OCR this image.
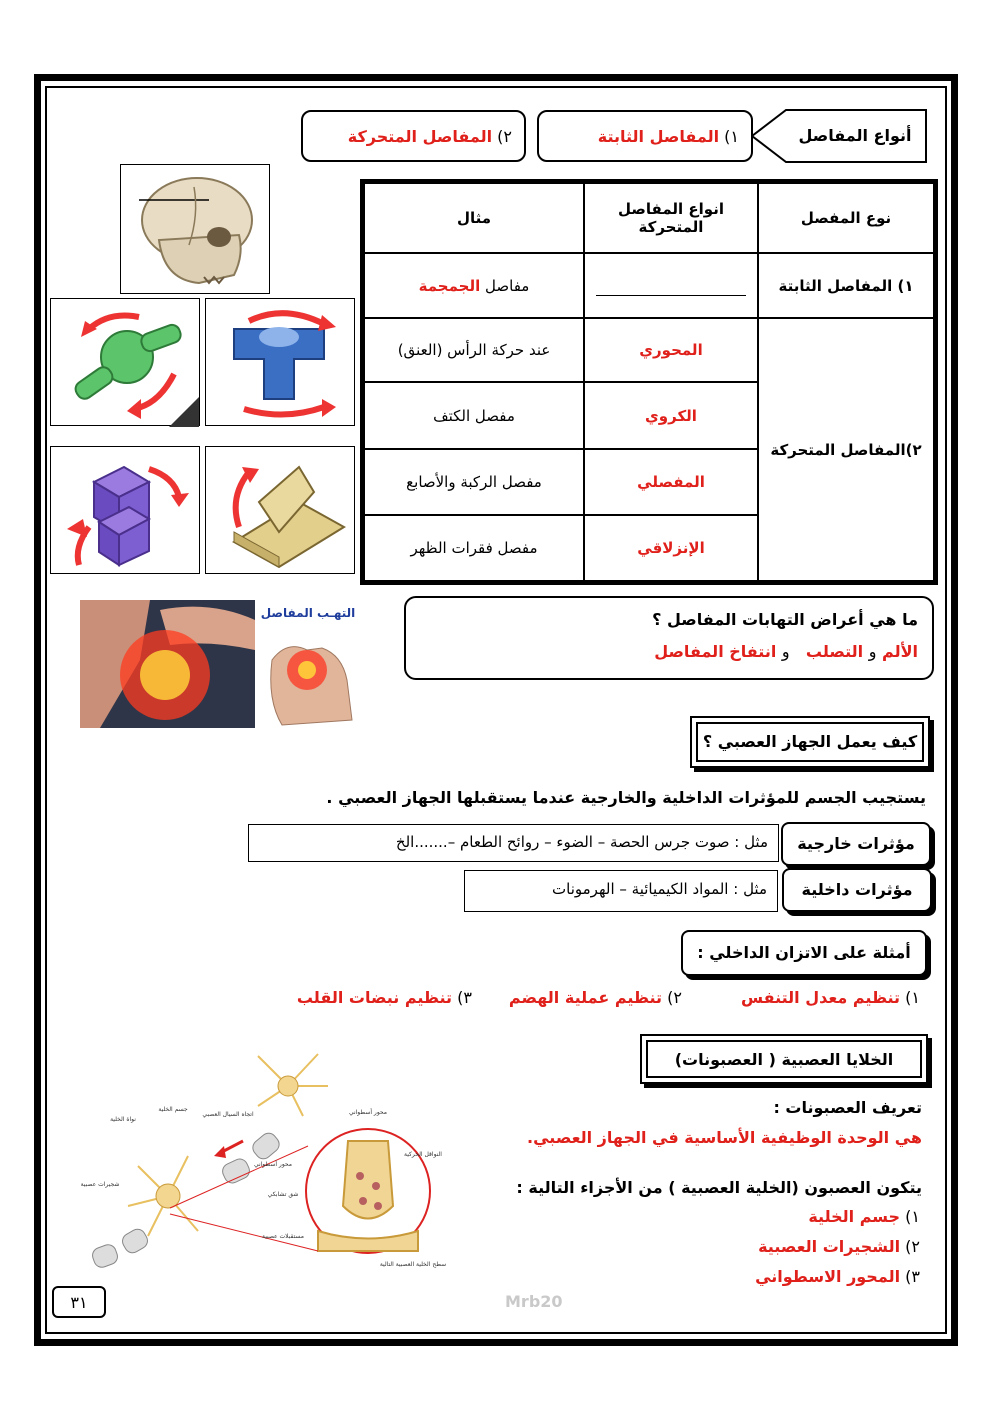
أنواع المفاصل
١) المفاصل الثابتة
٢) المفاصل المتحركة
نوع المفصل	انواع المفاصل المتحركة	مثال
١) المفاصل الثابتة		مفاصل الجمجمة
٢)المفاصل المتحركة	المحوري	عند حركة الرأس (العنق)
	الكروي	مفصل الكتف
	المفصلي	مفصل الركبة والأصابع
	الإنزلاقي	مفصل فقرات الظهر
التهـب المفاصل	ما هي أعراض التهابات المفاصل ؟
الألم و التصلب   و انتفاخ المفاصل
كيف يعمل الجهاز العصبي ؟
يستجيب الجسم للمؤثرات الداخلية والخارجية عندما يستقبلها الجهاز العصبي .
مؤثرات خارجية
مثل : صوت جرس الحصة – الضوء – روائح الطعام –.......الخ
مؤثرات داخلية
مثل : المواد الكيميائية – الهرمونات
أمثلة على الاتزان الداخلي :
١) تنظيم معدل التنفس
٢) تنظيم عملية الهضم
٣) تنظيم نبضات القلب
الخلايا العصبية ( العصبونات)
تعريف العصبونات :
هي الوحدة الوظيفية الأساسية في الجهاز العصبي.
يتكون العصبون (الخلية العصبية ) من الأجزاء التالية :
١) جسم الخلية
٢) الشجيرات العصبية
٣) المحور الاسطواني
محور أسطواني
النواقل الحركية
شق تشابكي
مستقبلات عصبية
سطح الخلية العصبية التالية
شجيرات عصبية
نواة الخلية
جسم الخلية
اتجاه السيال العصبي
محور أسطواني
٣١	Mrb20
